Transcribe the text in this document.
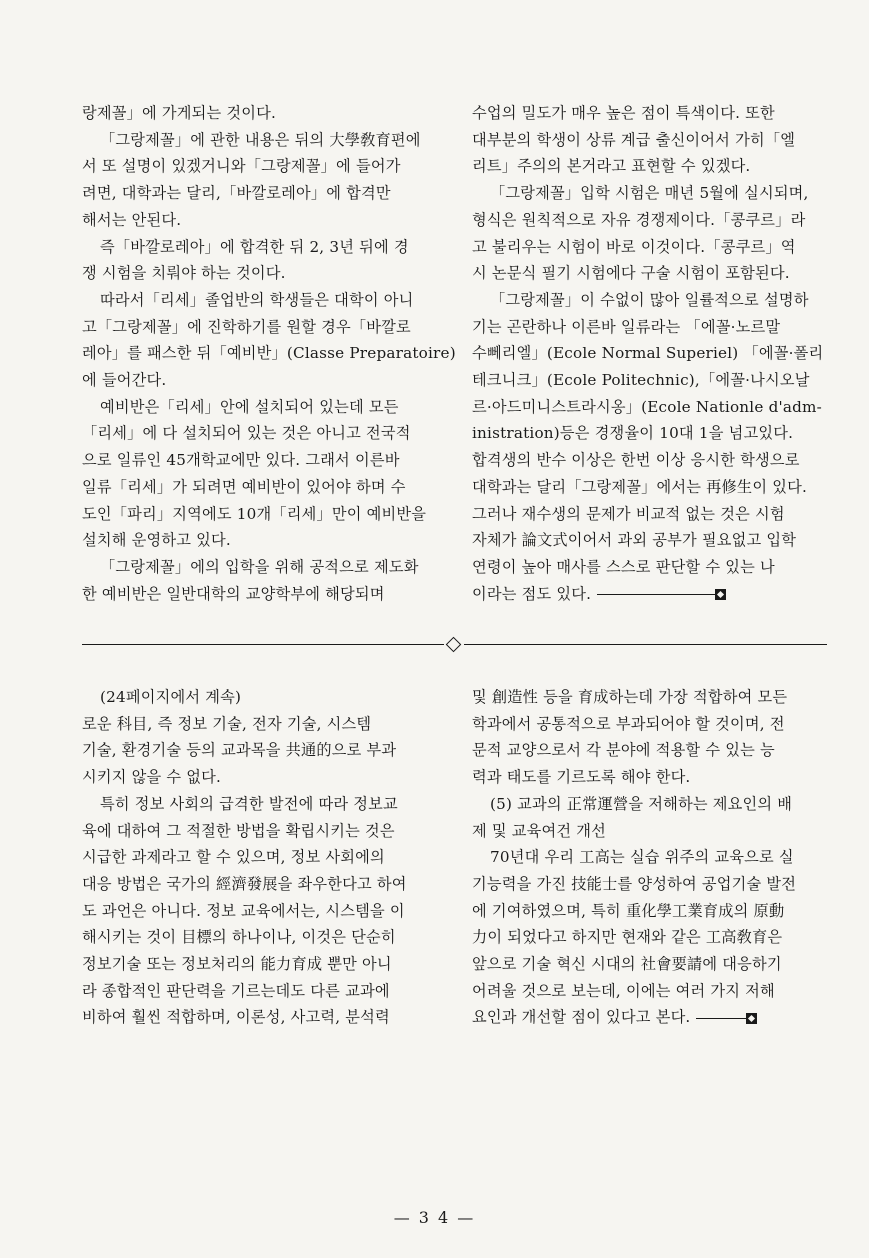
랑제꼴」에 가게되는 것이다.
「그랑제꼴」에 관한 내용은 뒤의 大學敎育편에
서 또 설명이 있겠거니와「그랑제꼴」에 들어가
려면, 대학과는 달리,「바깔로레아」에 합격만
해서는 안된다.
즉「바깔로레아」에 합격한 뒤 2, 3년 뒤에 경
쟁 시험을 치뤄야 하는 것이다.
따라서「리세」졸업반의 학생들은 대학이 아니
고「그랑제꼴」에 진학하기를 원할 경우「바깔로
레아」를 패스한 뒤「예비반」(Classe Preparatoire)
에 들어간다.
예비반은「리세」안에 설치되어 있는데 모든
「리세」에 다 설치되어 있는 것은 아니고 전국적
으로 일류인 45개학교에만 있다. 그래서 이른바
일류「리세」가 되려면 예비반이 있어야 하며 수
도인「파리」지역에도 10개「리세」만이 예비반을
설치해 운영하고 있다.
「그랑제꼴」에의 입학을 위해 공적으로 제도화
한 예비반은 일반대학의 교양학부에 해당되며
수업의 밀도가 매우 높은 점이 특색이다. 또한
대부분의 학생이 상류 계급 출신이어서 가히「엘
리트」주의의 본거라고 표현할 수 있겠다.
「그랑제꼴」입학 시험은 매년 5월에 실시되며,
형식은 원칙적으로 자유 경쟁제이다.「콩쿠르」라
고 불리우는 시험이 바로 이것이다.「콩쿠르」역
시 논문식 필기 시험에다 구술 시험이 포함된다.
「그랑제꼴」이 수없이 많아 일률적으로 설명하
기는 곤란하나 이른바 일류라는 「에꼴·노르말
수뻬리엘」(Ecole Normal Superiel) 「에꼴·폴리
테크니크」(Ecole Politechnic),「에꼴·나시오날
르·아드미니스트라시옹」(Ecole Nationle d'adm-
inistration)등은 경쟁율이 10대 1을 넘고있다.
합격생의 반수 이상은 한번 이상 응시한 학생으로
대학과는 달리「그랑제꼴」에서는 再修生이 있다.
그러나 재수생의 문제가 비교적 없는 것은 시험
자체가 論文式이어서 과외 공부가 필요없고 입학
연령이 높아 매사를 스스로 판단할 수 있는 나
이라는 점도 있다.
(24페이지에서 계속)
로운 科目, 즉 정보 기술, 전자 기술, 시스템
기술, 환경기술 등의 교과목을 共通的으로 부과
시키지 않을 수 없다.
특히 정보 사회의 급격한 발전에 따라 정보교
육에 대하여 그 적절한 방법을 확립시키는 것은
시급한 과제라고 할 수 있으며, 정보 사회에의
대응 방법은 국가의 經濟發展을 좌우한다고 하여
도 과언은 아니다. 정보 교육에서는, 시스템을 이
해시키는 것이 目標의 하나이나, 이것은 단순히
정보기술 또는 정보처리의 能力育成 뿐만 아니
라 종합적인 판단력을 기르는데도 다른 교과에
비하여 훨씬 적합하며, 이론성, 사고력, 분석력
및 創造性 등을 育成하는데 가장 적합하여 모든
학과에서 공통적으로 부과되어야 할 것이며, 전
문적 교양으로서 각 분야에 적용할 수 있는 능
력과 태도를 기르도록 해야 한다.
(5) 교과의 正常運營을 저해하는 제요인의 배
제 및 교육여건 개선
70년대 우리 工高는 실습 위주의 교육으로 실
기능력을 가진 技能士를 양성하여 공업기술 발전
에 기여하였으며, 특히 重化學工業育成의 原動
力이 되었다고 하지만 현재와 같은 工高敎育은
앞으로 기술 혁신 시대의 社會要請에 대응하기
어려울 것으로 보는데, 이에는 여러 가지 저해
요인과 개선할 점이 있다고 본다.
— 3 4 —
